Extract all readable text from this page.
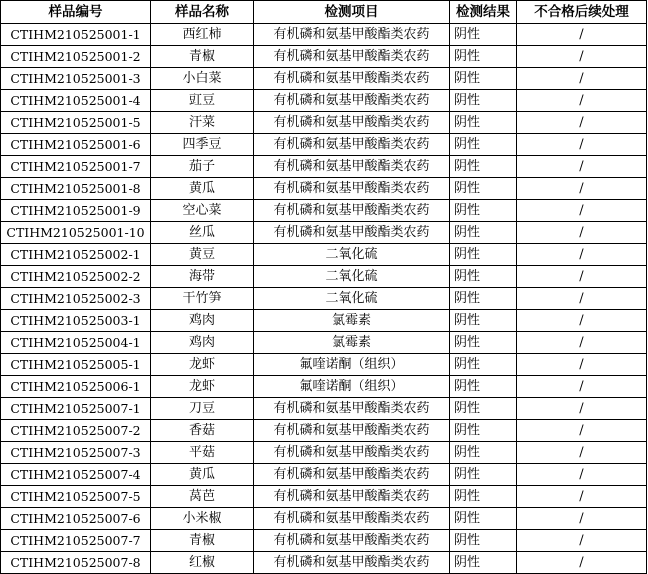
样品编号	样品名称	检测项目	检测结果	不合格后续处理
CTIHM210525001-1	西红柿	有机磷和氨基甲酸酯类农药	阴性	/
CTIHM210525001-2	青椒	有机磷和氨基甲酸酯类农药	阴性	/
CTIHM210525001-3	小白菜	有机磷和氨基甲酸酯类农药	阴性	/
CTIHM210525001-4	豇豆	有机磷和氨基甲酸酯类农药	阴性	/
CTIHM210525001-5	汗菜	有机磷和氨基甲酸酯类农药	阴性	/
CTIHM210525001-6	四季豆	有机磷和氨基甲酸酯类农药	阴性	/
CTIHM210525001-7	茄子	有机磷和氨基甲酸酯类农药	阴性	/
CTIHM210525001-8	黄瓜	有机磷和氨基甲酸酯类农药	阴性	/
CTIHM210525001-9	空心菜	有机磷和氨基甲酸酯类农药	阴性	/
CTIHM210525001-10	丝瓜	有机磷和氨基甲酸酯类农药	阴性	/
CTIHM210525002-1	黄豆	二氧化硫	阴性	/
CTIHM210525002-2	海带	二氧化硫	阴性	/
CTIHM210525002-3	干竹笋	二氧化硫	阴性	/
CTIHM210525003-1	鸡肉	氯霉素	阴性	/
CTIHM210525004-1	鸡肉	氯霉素	阴性	/
CTIHM210525005-1	龙虾	氟喹诺酮（组织）	阴性	/
CTIHM210525006-1	龙虾	氟喹诺酮（组织）	阴性	/
CTIHM210525007-1	刀豆	有机磷和氨基甲酸酯类农药	阴性	/
CTIHM210525007-2	香菇	有机磷和氨基甲酸酯类农药	阴性	/
CTIHM210525007-3	平菇	有机磷和氨基甲酸酯类农药	阴性	/
CTIHM210525007-4	黄瓜	有机磷和氨基甲酸酯类农药	阴性	/
CTIHM210525007-5	莴芭	有机磷和氨基甲酸酯类农药	阴性	/
CTIHM210525007-6	小米椒	有机磷和氨基甲酸酯类农药	阴性	/
CTIHM210525007-7	青椒	有机磷和氨基甲酸酯类农药	阴性	/
CTIHM210525007-8	红椒	有机磷和氨基甲酸酯类农药	阴性	/
